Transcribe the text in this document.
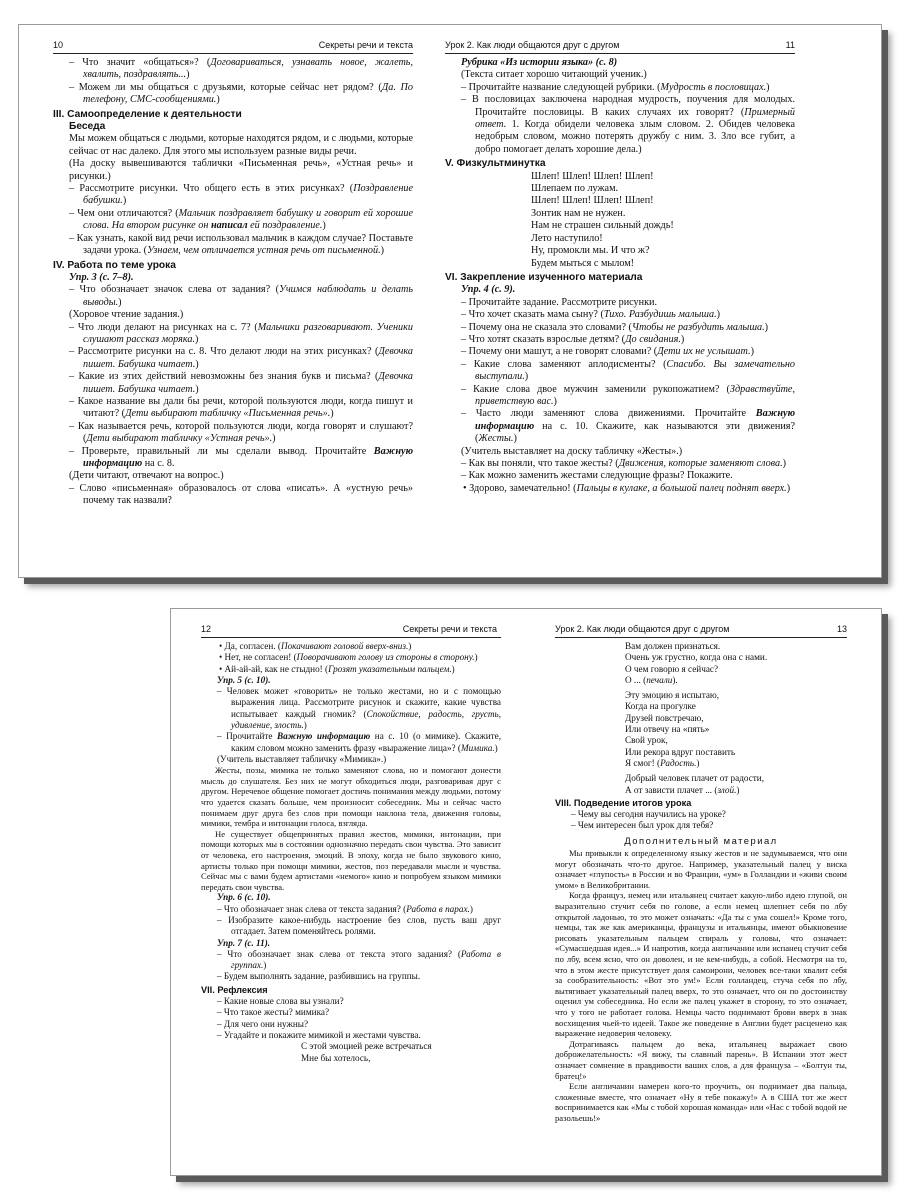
10	Секреты речи и текста

– Что значит «общаться»? (Договариваться, узнавать новое, жалеть, хвалить, поздравлять...)

– Можем ли мы общаться с друзьями, которые сейчас нет рядом? (Да. По телефону, СМС-сообщениями.)

III. Самоопределение к деятельности

Беседа

Мы можем общаться с людьми, которые находятся рядом, и с людьми, которые сейчас от нас далеко. Для этого мы используем разные виды речи.

(На доску вывешиваются таблички «Письменная речь», «Устная речь» и рисунки.)

– Рассмотрите рисунки. Что общего есть в этих рисунках? (Поздравление бабушки.)

– Чем они отличаются? (Мальчик поздравляет бабушку и говорит ей хорошие слова. На втором рисунке он написал ей поздравление.)

– Как узнать, какой вид речи использовал мальчик в каждом случае? Поставьте задачи урока. (Узнаем, чем отличается устная речь от письменной.)

IV. Работа по теме урока

Упр. 3 (с. 7–8).

– Что обозначает значок слева от задания? (Учимся наблюдать и делать выводы.)

(Хоровое чтение задания.)

– Что люди делают на рисунках на с. 7? (Мальчики разговаривают. Ученики слушают рассказ моряка.)

– Рассмотрите рисунки на с. 8. Что делают люди на этих рисунках? (Девочка пишет. Бабушка читает.)

– Какие из этих действий невозможны без знания букв и письма? (Девочка пишет. Бабушка читает.)

– Какое название вы дали бы речи, которой пользуются люди, когда пишут и читают? (Дети выбирают табличку «Письменная речь».)

– Как называется речь, которой пользуются люди, когда говорят и слушают? (Дети выбирают табличку «Устная речь».)

– Проверьте, правильный ли мы сделали вывод. Прочитайте Важную информацию на с. 8.

(Дети читают, отвечают на вопрос.)

– Слово «письменная» образовалось от слова «писать». А «устную речь» почему так назвали?

Урок 2. Как люди общаются друг с другом	11

Рубрика «Из истории языка» (с. 8)

(Текста ситает хорошо читающий ученик.)

– Прочитайте название следующей рубрики. (Мудрость в пословицах.)

– В пословицах заключена народная мудрость, поучения для молодых. Прочитайте пословицы. В каких случаях их говорят? (Примерный ответ. 1. Когда обидели человека злым словом. 2. Обидев человека недобрым словом, можно потерять дружбу с ним. 3. Зло все губит, а добро помогает делать хорошие дела.)

V. Физкультминутка

Шлеп! Шлеп! Шлеп! Шлеп!

Шлепаем по лужам.

Шлеп! Шлеп! Шлеп! Шлеп!

Зонтик нам не нужен.

Нам не страшен сильный дождь!

Лето наступило!

Ну, промокли мы. И что ж?

Будем мыться с мылом!

VI. Закрепление изученного материала

Упр. 4 (с. 9).

– Прочитайте задание. Рассмотрите рисунки.

– Что хочет сказать мама сыну? (Тихо. Разбудишь малыша.)

– Почему она не сказала это словами? (Чтобы не разбудить малыша.)

– Что хотят сказать взрослые детям? (До свидания.)

– Почему они машут, а не говорят словами? (Дети их не услышат.)

– Какие слова заменяют аплодисменты? (Спасибо. Вы замечательно выступали.)

– Какие слова двое мужчин заменили рукопожатием? (Здравствуйте, приветствую вас.)

– Часто люди заменяют слова движениями. Прочитайте Важную информацию на с. 10. Скажите, как называются эти движения? (Жесты.)

(Учитель выставляет на доску табличку «Жесты».)

– Как вы поняли, что такое жесты? (Движения, которые заменяют слова.)

– Как можно заменить жестами следующие фразы? Покажите.

• Здорово, замечательно! (Пальцы в кулаке, а большой палец поднят вверх.)

12	Секреты речи и текста

• Да, согласен. (Покачивают головой вверх-вниз.)

• Нет, не согласен! (Поворачивают голову из стороны в сторону.)

• Ай-ай-ай, как не стыдно! (Грозят указательным пальцем.)

Упр. 5 (с. 10).

– Человек может «говорить» не только жестами, но и с помощью выражения лица. Рассмотрите рисунок и скажите, какие чувства испытывает каждый гномик? (Спокойствие, радость, грусть, удивление, злость.)

– Прочитайте Важную информацию на с. 10 (о мимике). Скажите, каким словом можно заменить фразу «выражение лица»? (Мимика.)

(Учитель выставляет табличку «Мимика».)

Жесты, позы, мимика не только заменяют слова, но и помогают донести мысль до слушателя. Без них не могут обходиться люди, разговаривая друг с другом. Неречевое общение помогает достичь понимания между людьми, потому что удается сказать больше, чем произносит собеседник. Мы и сейчас часто понимаем друг друга без слов при помощи наклона тела, движения головы, мимики, тембра и интонации голоса, взгляда.

Не существует общепринятых правил жестов, мимики, интонации, при помощи которых мы в состоянии однозначно передать свои чувства. Это зависит от человека, его настроения, эмоций. В эпоху, когда не было звукового кино, артисты только при помощи мимики, жестов, поз передавали мысли и чувства. Сейчас мы с вами будем артистами «немого» кино и попробуем языком мимики передать свои чувства.

Упр. 6 (с. 10).

– Что обозначает знак слева от текста задания? (Работа в парах.)

– Изобразите какое-нибудь настроение без слов, пусть ваш друг отгадает. Затем поменяйтесь ролями.

Упр. 7 (с. 11).

– Что обозначает знак слева от текста этого задания? (Работа в группах.)

– Будем выполнять задание, разбившись на группы.

VII. Рефлексия

– Какие новые слова вы узнали?

– Что такое жесты? мимика?

– Для чего они нужны?

– Угадайте и покажите мимикой и жестами чувства.

С этой эмоцией реже встречаться

Мне бы хотелось,

Урок 2. Как люди общаются друг с другом	13

Вам должен признаться.

Очень уж грустно, когда она с нами.

О чем говорю я сейчас?

О ... (печали).

Эту эмоцию я испытаю,

Когда на прогулке

Друзей повстречаю,

Или отвечу на «пять»

Свой урок,

Или рекора вдруг поставить

Я смог! (Радость.)

Добрый человек плачет от радости,

А от зависти плачет ... (злой.)

VIII. Подведение итогов урока

– Чему вы сегодня научились на уроке?

– Чем интересен был урок для тебя?

Дополнительный материал

Мы привыкли к определенному языку жестов и не задумываемся, что они могут обозначать что-то другое. Например, указательный палец у виска означает «глупость» в России и во Франции, «ум» в Голландии и «живи своим умом» в Великобритании.

Когда француз, немец или итальянец считает какую-либо идею глупой, он выразительно стучит себя по голове, а если немец шлепнет себя по лбу открытой ладонью, то это может означать: «Да ты с ума сошел!» Кроме того, немцы, так же как американцы, французы и итальянцы, имеют обыкновение рисовать указательным пальцем спираль у головы, что означает: «Сумасшедшая идея...» И напротив, когда англичанин или испанец стучит себя по лбу, всем ясно, что он доволен, и не кем-нибудь, а собой. Несмотря на то, что в этом жесте присутствует доля самоирони, человек все-таки хвалит себя за сообразительность: «Вот это ум!» Если голландец, стуча себя по лбу, вытягивает указательный палец вверх, то это означает, что он по достоинству оценил ум собеседника. Но если же палец укажет в сторону, то это означает, что у того не работает голова. Немцы часто поднимают брови вверх в знак восхищения чьей-то идеей. Такое же поведение в Англии будет расценено как выражение недоверия человеку.

Дотрагиваясь пальцем до века, итальянец выражает свою доброжелательность: «Я вижу, ты славный парень». В Испании этот жест означает сомнение в правдивости ваших слов, а для француза – «Болтун ты, братец!»

Если англичанин намерен кого-то проучить, он поднимает два пальца, сложенные вместе, что означает «Ну я тебе покажу!» А в США тот же жест воспринимается как «Мы с тобой хорошая команда» или «Нас с тобой водой не разольешь!»
